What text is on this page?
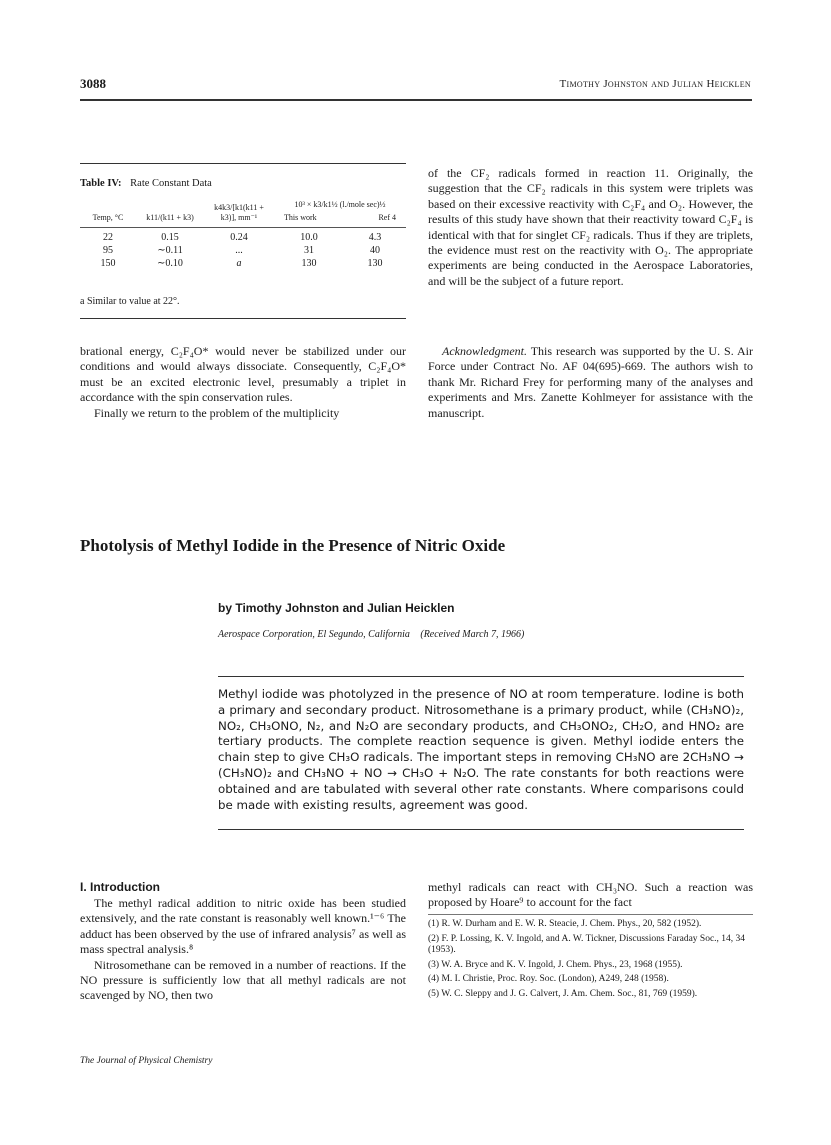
3088	Timothy Johnston and Julian Heicklen
Table IV: Rate Constant Data
Temp, °C	k11/(k11 + k3)	k4k3/[k1(k11 + k3)], mm⁻¹	10³ × k3/k1½ (l./mole sec)½
This work Ref 4	

22	0.15	0.24	10.0	4.3
95	∼0.11	...	31	40
150	∼0.10	a	130	130
a Similar to value at 22°.

of the CF₂ radicals formed in reaction 11. Originally, the suggestion that the CF₂ radicals in this system were triplets was based on their excessive reactivity with C₂F₄ and O₂. However, the results of this study have shown that their reactivity toward C₂F₄ is identical with that for singlet CF₂ radicals. Thus if they are triplets, the evidence must rest on the reactivity with O₂. The appropriate experiments are being conducted in the Aerospace Laboratories, and will be the subject of a future report.

brational energy, C₂F₄O* would never be stabilized under our conditions and would always dissociate. Consequently, C₂F₄O* must be an excited electronic level, presumably a triplet in accordance with the spin conservation rules.

Finally we return to the problem of the multiplicity

Acknowledgment. This research was supported by the U. S. Air Force under Contract No. AF 04(695)-669. The authors wish to thank Mr. Richard Frey for performing many of the analyses and experiments and Mrs. Zanette Kohlmeyer for assistance with the manuscript.

Photolysis of Methyl Iodide in the Presence of Nitric Oxide
by Timothy Johnston and Julian Heicklen
Aerospace Corporation, El Segundo, California (Received March 7, 1966)
Methyl iodide was photolyzed in the presence of NO at room temperature. Iodine is both a primary and secondary product. Nitrosomethane is a primary product, while (CH₃NO)₂, NO₂, CH₃ONO, N₂, and N₂O are secondary products, and CH₃ONO₂, CH₂O, and HNO₂ are tertiary products. The complete reaction sequence is given. Methyl iodide enters the chain step to give CH₃O radicals. The important steps in removing CH₃NO are 2CH₃NO → (CH₃NO)₂ and CH₃NO + NO → CH₃O + N₂O. The rate constants for both reactions were obtained and are tabulated with several other rate constants. Where comparisons could be made with existing results, agreement was good.
I. Introduction

The methyl radical addition to nitric oxide has been studied extensively, and the rate constant is reasonably well known.¹⁻⁶ The adduct has been observed by the use of infrared analysis⁷ as well as mass spectral analysis.⁸

Nitrosomethane can be removed in a number of reactions. If the NO pressure is sufficiently low that all methyl radicals are not scavenged by NO, then two

methyl radicals can react with CH₃NO. Such a reaction was proposed by Hoare⁹ to account for the fact

(1) R. W. Durham and E. W. R. Steacie, J. Chem. Phys., 20, 582 (1952).

(2) F. P. Lossing, K. V. Ingold, and A. W. Tickner, Discussions Faraday Soc., 14, 34 (1953).

(3) W. A. Bryce and K. V. Ingold, J. Chem. Phys., 23, 1968 (1955).

(4) M. I. Christie, Proc. Roy. Soc. (London), A249, 248 (1958).

(5) W. C. Sleppy and J. G. Calvert, J. Am. Chem. Soc., 81, 769 (1959).

The Journal of Physical Chemistry
